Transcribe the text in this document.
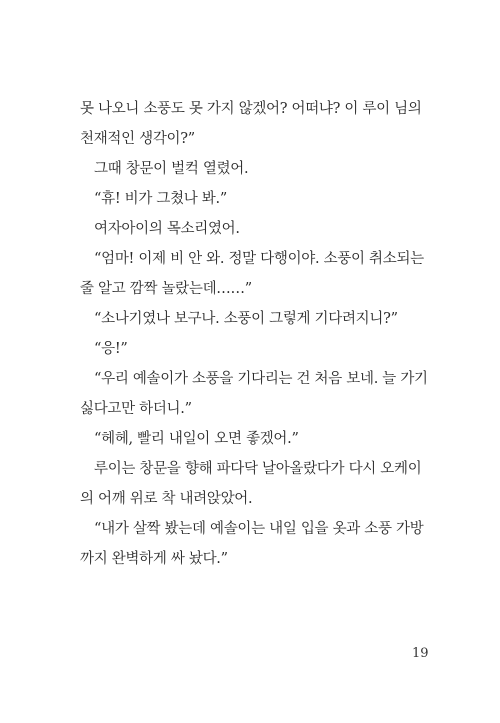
못 나오니 소풍도 못 가지 않겠어? 어떠냐? 이 루이 님의
천재적인 생각이?”

그때 창문이 벌컥 열렸어.

“휴! 비가 그쳤나 봐.”

여자아이의 목소리였어.

“엄마! 이제 비 안 와. 정말 다행이야. 소풍이 취소되는
줄 알고 깜짝 놀랐는데……”

“소나기였나 보구나. 소풍이 그렇게 기다려지니?”

“응!”

“우리 예솔이가 소풍을 기다리는 건 처음 보네. 늘 가기
싫다고만 하더니.”

“헤헤, 빨리 내일이 오면 좋겠어.”

루이는 창문을 향해 파다닥 날아올랐다가 다시 오케이
의 어깨 위로 착 내려앉았어.

“내가 살짝 봤는데 예솔이는 내일 입을 옷과 소풍 가방
까지 완벽하게 싸 놨다.”

19
